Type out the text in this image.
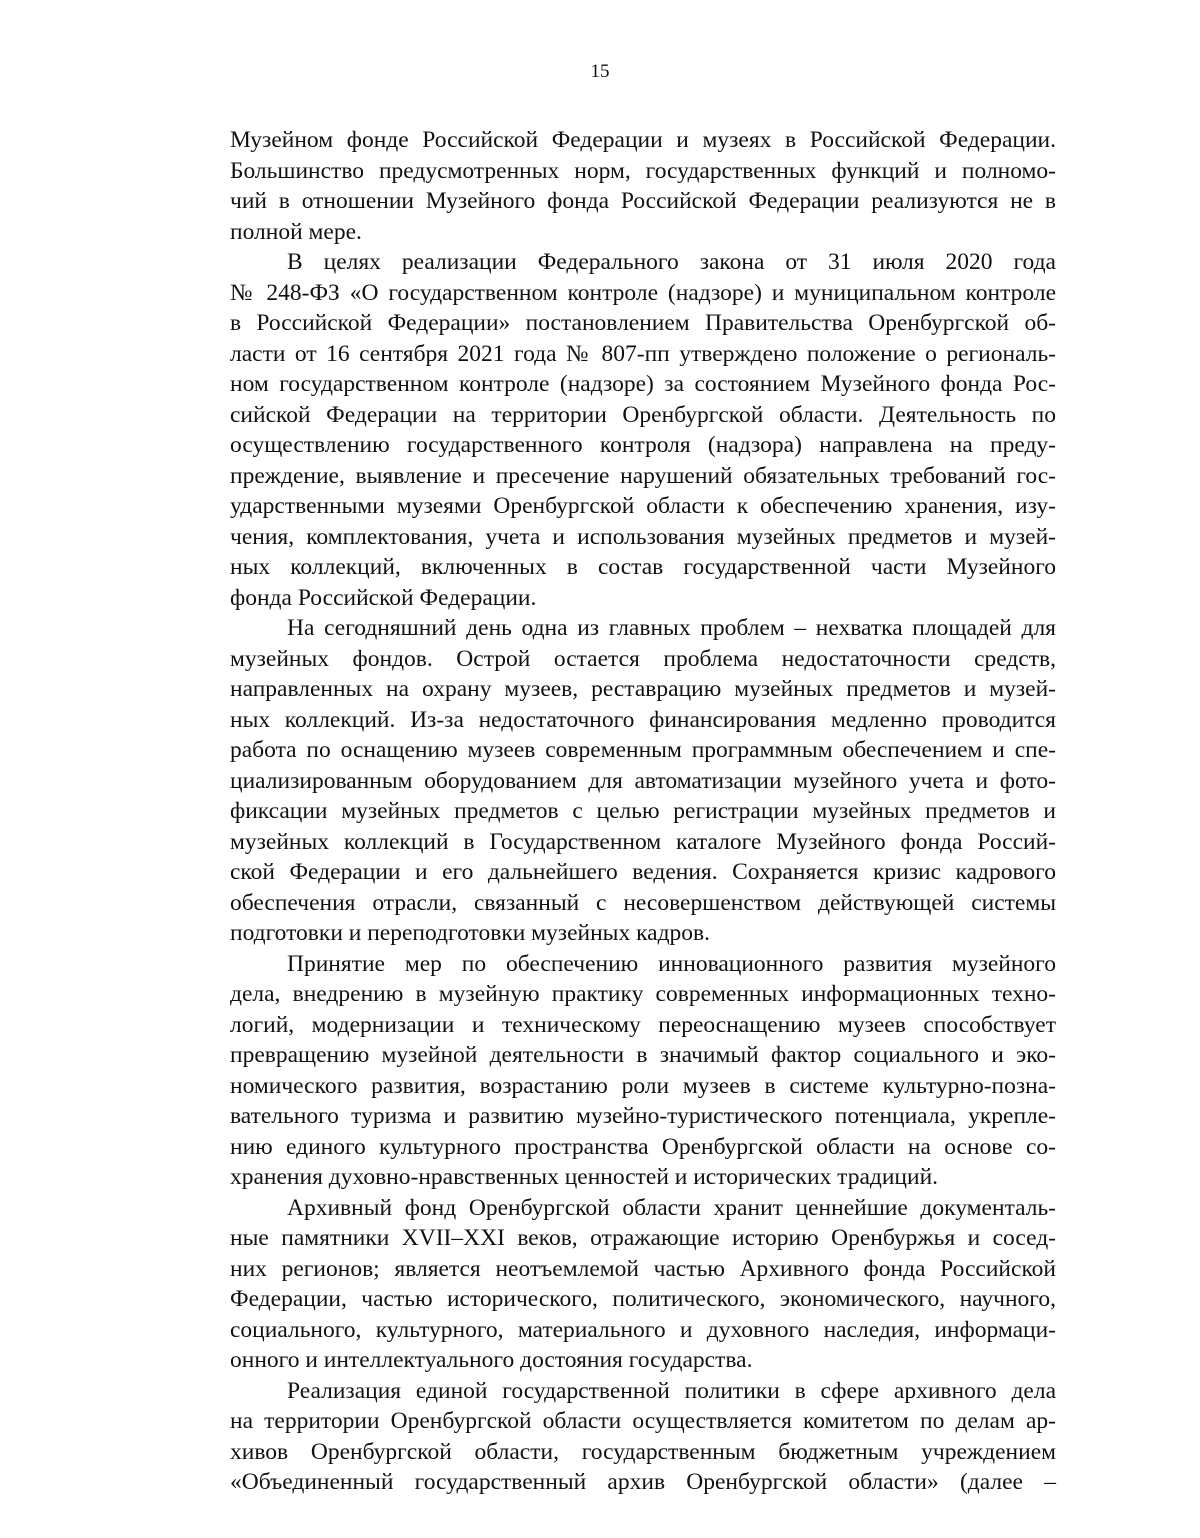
15
Музейном фонде Российской Федерации и музеях в Российской Федерации.
Большинство предусмотренных норм, государственных функций и полномо-
чий в отношении Музейного фонда Российской Федерации реализуются не в
полной мере.
В целях реализации Федерального закона от 31 июля 2020 года
№ 248-ФЗ «О государственном контроле (надзоре) и муниципальном контроле
в Российской Федерации» постановлением Правительства Оренбургской об-
ласти от 16 сентября 2021 года № 807-пп утверждено положение о региональ-
ном государственном контроле (надзоре) за состоянием Музейного фонда Рос-
сийской Федерации на территории Оренбургской области. Деятельность по
осуществлению государственного контроля (надзора) направлена на преду-
преждение, выявление и пресечение нарушений обязательных требований гос-
ударственными музеями Оренбургской области к обеспечению хранения, изу-
чения, комплектования, учета и использования музейных предметов и музей-
ных коллекций, включенных в состав государственной части Музейного
фонда Российской Федерации.
На сегодняшний день одна из главных проблем – нехватка площадей для
музейных фондов. Острой остается проблема недостаточности средств,
направленных на охрану музеев, реставрацию музейных предметов и музей-
ных коллекций. Из-за недостаточного финансирования медленно проводится
работа по оснащению музеев современным программным обеспечением и спе-
циализированным оборудованием для автоматизации музейного учета и фото-
фиксации музейных предметов с целью регистрации музейных предметов и
музейных коллекций в Государственном каталоге Музейного фонда Россий-
ской Федерации и его дальнейшего ведения. Сохраняется кризис кадрового
обеспечения отрасли, связанный с несовершенством действующей системы
подготовки и переподготовки музейных кадров.
Принятие мер по обеспечению инновационного развития музейного
дела, внедрению в музейную практику современных информационных техно-
логий, модернизации и техническому переоснащению музеев способствует
превращению музейной деятельности в значимый фактор социального и эко-
номического развития, возрастанию роли музеев в системе культурно-позна-
вательного туризма и развитию музейно-туристического потенциала, укрепле-
нию единого культурного пространства Оренбургской области на основе со-
хранения духовно-нравственных ценностей и исторических традиций.
Архивный фонд Оренбургской области хранит ценнейшие документаль-
ные памятники XVII–XXI веков, отражающие историю Оренбуржья и сосед-
них регионов; является неотъемлемой частью Архивного фонда Российской
Федерации, частью исторического, политического, экономического, научного,
социального, культурного, материального и духовного наследия, информаци-
онного и интеллектуального достояния государства.
Реализация единой государственной политики в сфере архивного дела
на территории Оренбургской области осуществляется комитетом по делам ар-
хивов Оренбургской области, государственным бюджетным учреждением
«Объединенный государственный архив Оренбургской области» (далее –
